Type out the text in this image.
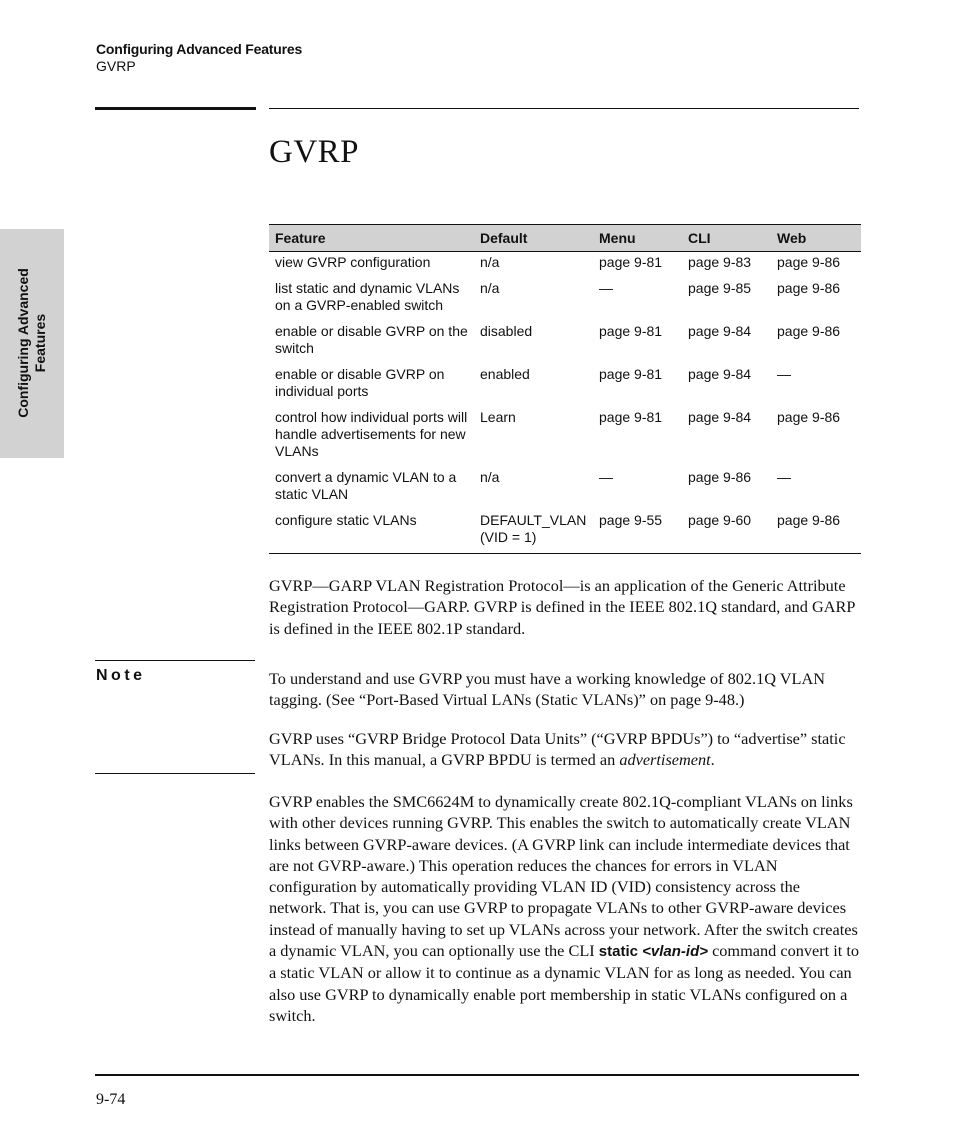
Configuring Advanced Features
GVRP
Configuring Advanced Features
GVRP
Feature	Default	Menu	CLI	Web
view GVRP configuration	n/a	page 9-81	page 9-83	page 9-86
list static and dynamic VLANs on a GVRP-enabled switch	n/a	—	page 9-85	page 9-86
enable or disable GVRP on the switch	disabled	page 9-81	page 9-84	page 9-86
enable or disable GVRP on individual ports	enabled	page 9-81	page 9-84	—
control how individual ports will handle advertisements for new VLANs	Learn	page 9-81	page 9-84	page 9-86
convert a dynamic VLAN to a static VLAN	n/a	—	page 9-86	—
configure static VLANs	DEFAULT_VLAN (VID = 1)	page 9-55	page 9-60	page 9-86
GVRP—GARP VLAN Registration Protocol—is an application of the Generic Attribute Registration Protocol—GARP. GVRP is defined in the IEEE 802.1Q standard, and GARP is defined in the IEEE 802.1P standard.
Note	To understand and use GVRP you must have a working knowledge of 802.1Q VLAN tagging. (See “Port-Based Virtual LANs (Static VLANs)” on page 9-48.)
GVRP uses “GVRP Bridge Protocol Data Units” (“GVRP BPDUs”) to “advertise” static VLANs. In this manual, a GVRP BPDU is termed an advertisement.
GVRP enables the SMC6624M to dynamically create 802.1Q-compliant VLANs on links with other devices running GVRP. This enables the switch to automatically create VLAN links between GVRP-aware devices. (A GVRP link can include intermediate devices that are not GVRP-aware.) This operation reduces the chances for errors in VLAN configuration by automatically providing VLAN ID (VID) consistency across the network. That is, you can use GVRP to propagate VLANs to other GVRP-aware devices instead of manually having to set up VLANs across your network. After the switch creates a dynamic VLAN, you can optionally use the CLI static <vlan-id> command convert it to a static VLAN or allow it to continue as a dynamic VLAN for as long as needed. You can also use GVRP to dynamically enable port membership in static VLANs configured on a switch.
9-74
